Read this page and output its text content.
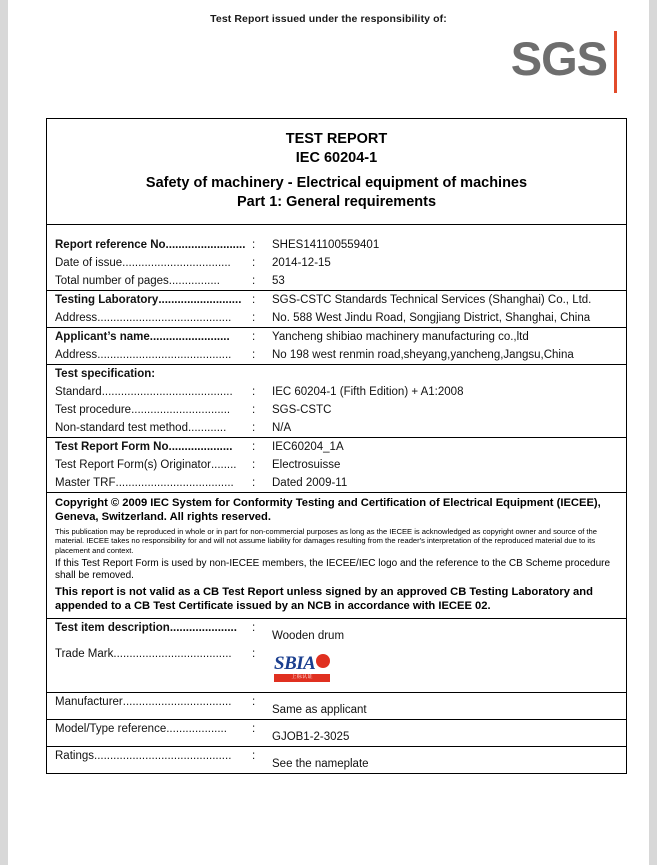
Test Report issued under the responsibility of:
SGS
TEST REPORT
IEC 60204-1
Safety of machinery - Electrical equipment of machines
Part 1: General requirements
Report reference No......................... :	SHES141100559401
Date of issue..................................	:	2014-12-15
Total number of pages................	:	53
Testing Laboratory.......................... :	SGS-CSTC Standards Technical Services (Shanghai) Co., Ltd.
Address..........................................	:	No. 588 West Jindu Road, Songjiang District, Shanghai, China
Applicant’s name.........................	:	Yancheng shibiao machinery manufacturing co.,ltd
Address..........................................	:	No 198 west renmin road,sheyang,yancheng,Jangsu,China
Test specification:
Standard.........................................	:	IEC 60204-1 (Fifth Edition) + A1:2008
Test procedure...............................	:	SGS-CSTC
Non-standard test method............	:	N/A
Test Report Form No....................	:	IEC60204_1A
Test Report Form(s) Originator........	:	Electrosuisse
Master TRF.....................................	:	Dated 2009-11
Copyright © 2009 IEC System for Conformity Testing and Certification of Electrical Equipment (IECEE), Geneva, Switzerland. All rights reserved.
This publication may be reproduced in whole or in part for non-commercial purposes as long as the IECEE is acknowledged as copyright owner and source of the material. IECEE takes no responsibility for and will not assume liability for damages resulting from the reader's interpretation of the reproduced material due to its placement and context.
If this Test Report Form is used by non-IECEE members, the IECEE/IEC logo and the reference to the CB Scheme procedure shall be removed.
This report is not valid as a CB Test Report unless signed by an approved CB Testing Laboratory and appended to a CB Test Certificate issued by an NCB in accordance with IECEE 02.
Test item description.....................	:
Wooden drum
Trade Mark.....................................	: SBIA
上标认证
Manufacturer..................................	:
Same as applicant
Model/Type reference...................	:
GJOB1-2-3025
Ratings...........................................	:
See the nameplate
